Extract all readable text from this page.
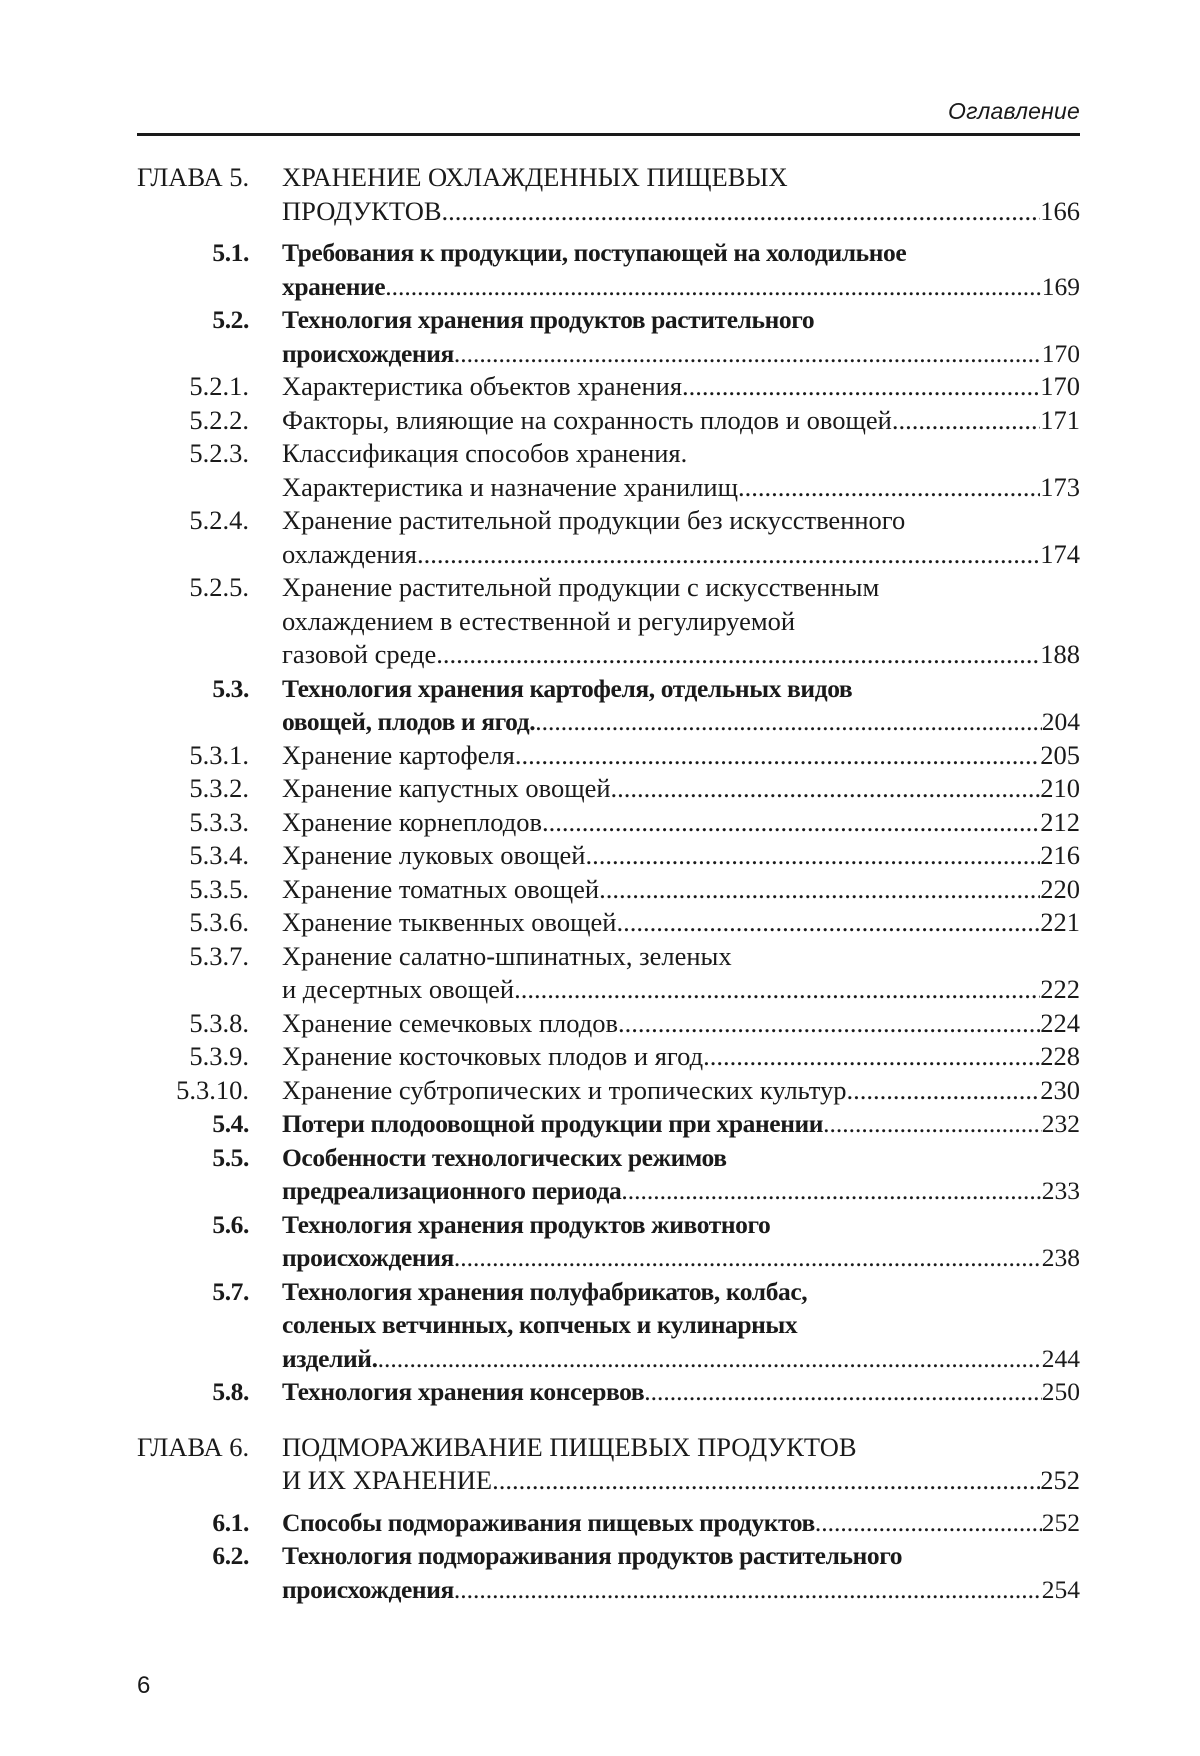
Оглавление
ГЛАВА 5.	ХРАНЕНИЕ ОХЛАЖДЕННЫХ ПИЩЕВЫХ
ПРОДУКТОВ .....	166
5.1. Требования к продукции, поступающей на холодильное
хранение .....	169
5.2. Технология хранения продуктов растительного
происхождения .....	170
5.2.1. Характеристика объектов хранения .....	170
5.2.2. Факторы, влияющие на сохранность плодов и овощей .....	171
5.2.3. Классификация способов хранения.
Характеристика и назначение хранилищ .....	173
5.2.4. Хранение растительной продукции без искусственного
охлаждения .....	174
5.2.5. Хранение растительной продукции с искусственным
охлаждением в естественной и регулируемой
газовой среде .....	188
5.3. Технология хранения картофеля, отдельных видов
овощей, плодов и ягод. .....	204
5.3.1. Хранение картофеля .....	205
5.3.2. Хранение капустных овощей .....	210
5.3.3. Хранение корнеплодов .....	212
5.3.4. Хранение луковых овощей .....	216
5.3.5. Хранение томатных овощей .....	220
5.3.6. Хранение тыквенных овощей .....	221
5.3.7. Хранение салатно-шпинатных, зеленых
и десертных овощей .....	222
5.3.8. Хранение семечковых плодов .....	224
5.3.9. Хранение косточковых плодов и ягод .....	228
5.3.10. Хранение субтропических и тропических культур .....	230
5.4. Потери плодоовощной продукции при хранении .....	232
5.5. Особенности технологических режимов
предреализационного периода .....	233
5.6. Технология хранения продуктов животного
происхождения .....	238
5.7. Технология хранения полуфабрикатов, колбас,
соленых ветчинных, копченых и кулинарных
изделий. .....	244
5.8. Технология хранения консервов .....	250
ГЛАВА 6.	ПОДМОРАЖИВАНИЕ ПИЩЕВЫХ ПРОДУКТОВ
И ИХ ХРАНЕНИЕ .....	252
6.1. Способы подмораживания пищевых продуктов .....	252
6.2. Технология подмораживания продуктов растительного
происхождения .....	254
6
